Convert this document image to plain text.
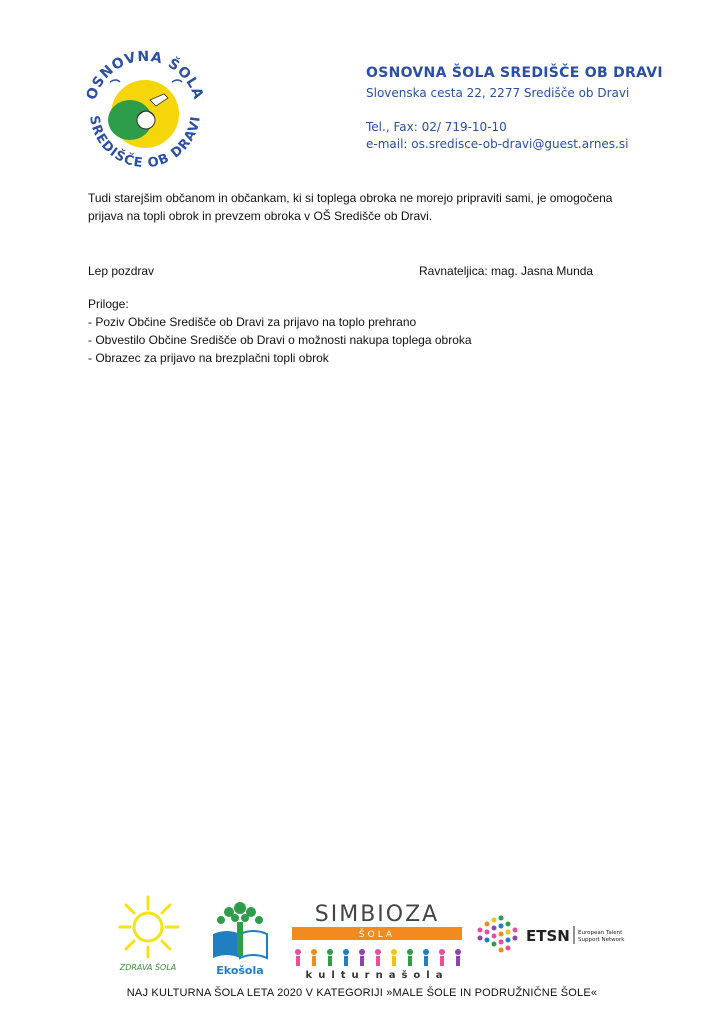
OSNOVNA ŠOLA
SREDIŠČE OB DRAVI
OSNOVNA ŠOLA SREDIŠČE OB DRAVI
Slovenska cesta 22, 2277 Središče ob Dravi
Tel., Fax: 02/ 719-10-10
e-mail: os.sredisce-ob-dravi@guest.arnes.si
Tudi starejšim občanom in občankam, ki si toplega obroka ne morejo pripraviti sami, je omogočena
prijava na topli obrok in prevzem obroka v OŠ Središče ob Dravi.
Lep pozdrav	Ravnateljica: mag. Jasna Munda
Priloge:
- Poziv Občine Središče ob Dravi za prijavo na toplo prehrano
- Obvestilo Občine Središče ob Dravi o možnosti nakupa toplega obroka
- Obrazec za prijavo na brezplačni topli obrok
ZDRAVA ŠOLA	Ekošola
SIMBIOZA
ŠOLA
kulturnašola
ETSN European Talent
Support Network
NAJ KULTURNA ŠOLA LETA 2020 V KATEGORIJI »MALE ŠOLE IN PODRUŽNIČNE ŠOLE«
